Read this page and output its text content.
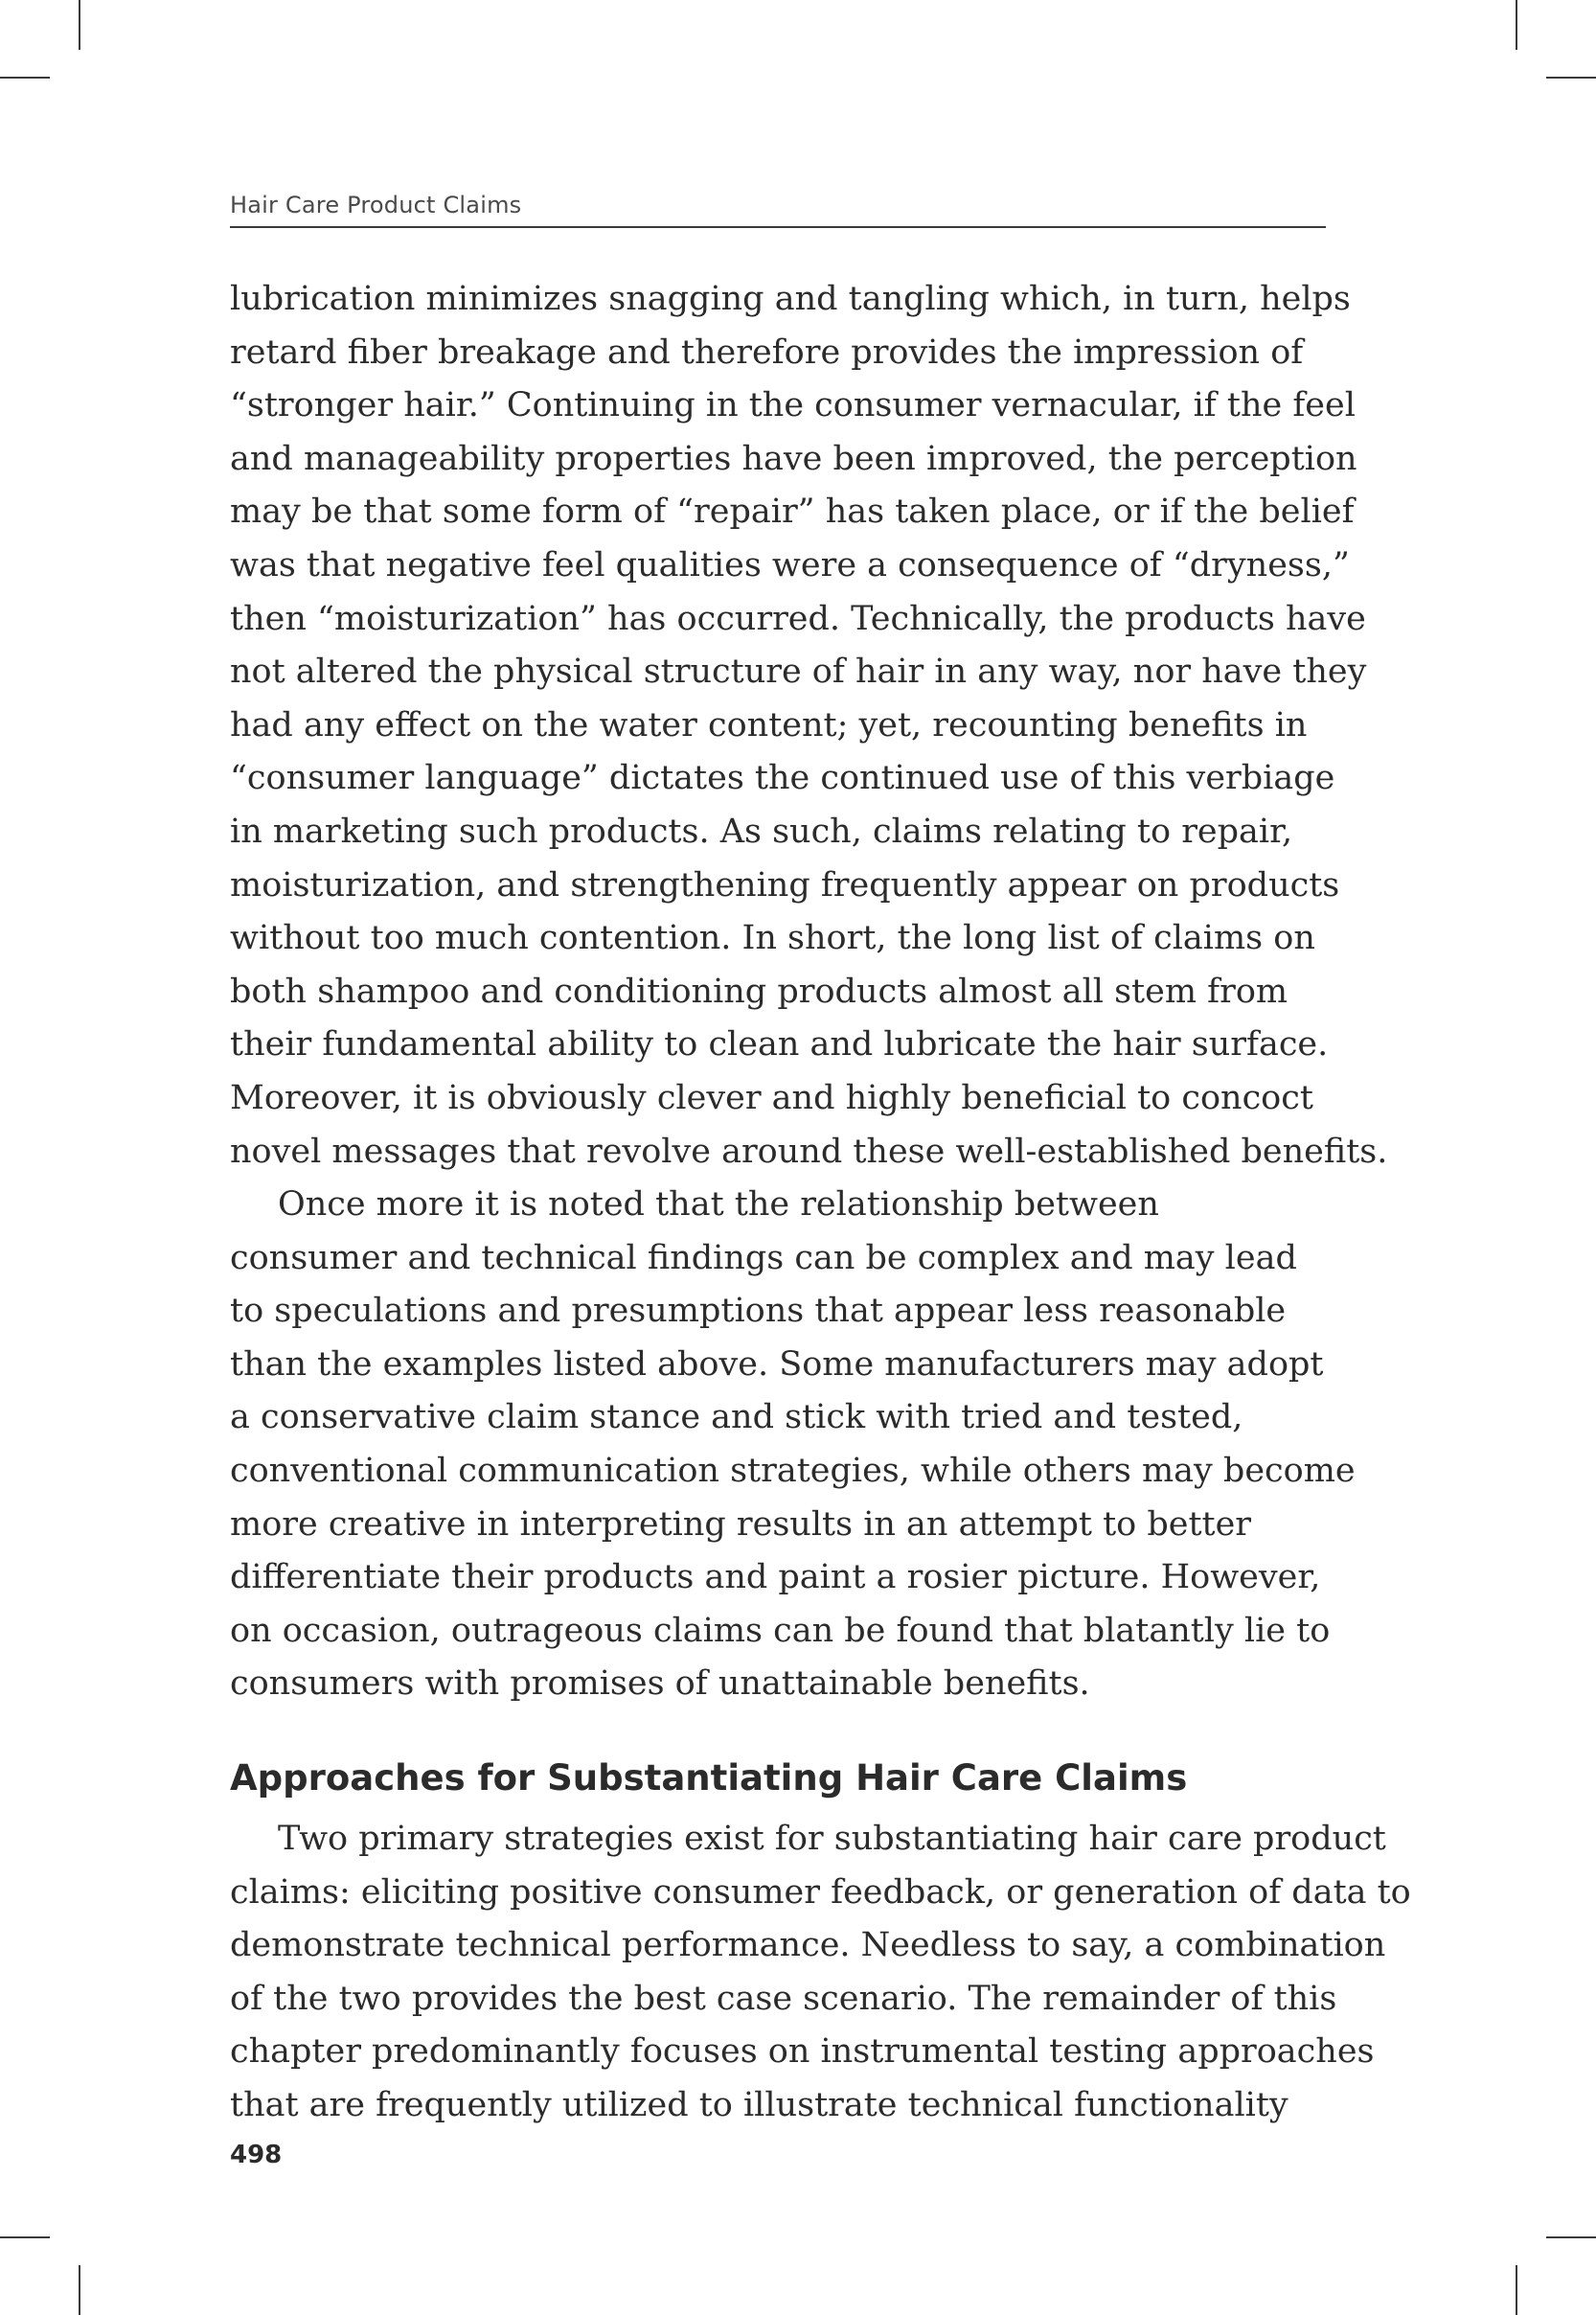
Hair Care Product Claims

lubrication minimizes snagging and tangling which, in turn, helps
retard fiber breakage and therefore provides the impression of
“stronger hair.” Continuing in the consumer vernacular, if the feel
and manageability properties have been improved, the perception
may be that some form of “repair” has taken place, or if the belief
was that negative feel qualities were a consequence of “dryness,”
then “moisturization” has occurred. Technically, the products have
not altered the physical structure of hair in any way, nor have they
had any effect on the water content; yet, recounting benefits in
“consumer language” dictates the continued use of this verbiage
in marketing such products. As such, claims relating to repair,
moisturization, and strengthening frequently appear on products
without too much contention. In short, the long list of claims on
both shampoo and conditioning products almost all stem from
their fundamental ability to clean and lubricate the hair surface.
Moreover, it is obviously clever and highly beneficial to concoct
novel messages that revolve around these well-established benefits.

Once more it is noted that the relationship between
consumer and technical findings can be complex and may lead
to speculations and presumptions that appear less reasonable
than the examples listed above. Some manufacturers may adopt
a conservative claim stance and stick with tried and tested,
conventional communication strategies, while others may become
more creative in interpreting results in an attempt to better
differentiate their products and paint a rosier picture. However,
on occasion, outrageous claims can be found that blatantly lie to
consumers with promises of unattainable benefits.

Approaches for Substantiating Hair Care Claims

Two primary strategies exist for substantiating hair care product
claims: eliciting positive consumer feedback, or generation of data to
demonstrate technical performance. Needless to say, a combination
of the two provides the best case scenario. The remainder of this
chapter predominantly focuses on instrumental testing approaches
that are frequently utilized to illustrate technical functionality

498
